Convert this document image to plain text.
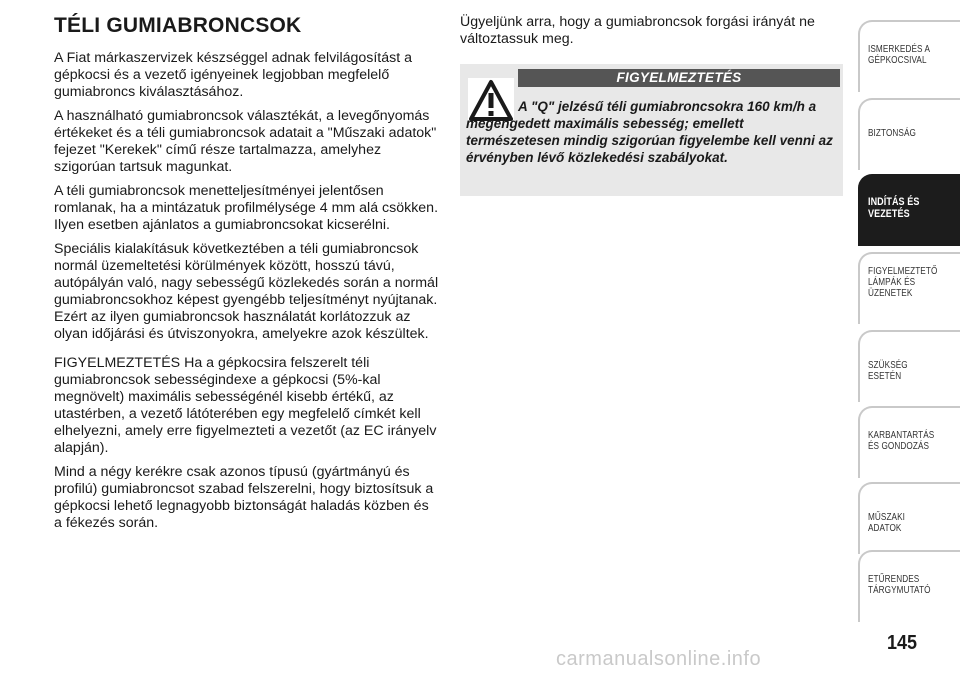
TÉLI GUMIABRONCSOK

A Fiat márkaszervizek készséggel adnak felvilágosítást a gépkocsi és a vezető igényeinek legjobban megfelelő gumiabroncs kiválasztásához.

A használható gumiabroncsok választékát, a levegőnyomás értékeket és a téli gumiabroncsok adatait a "Műszaki adatok" fejezet "Kerekek" című része tartalmazza, amelyhez szigorúan tartsuk magunkat.

A téli gumiabroncsok menetteljesítményei jelentősen romlanak, ha a mintázatuk profilmélysége 4 mm alá csökken. Ilyen esetben ajánlatos a gumiabroncsokat kicserélni.

Speciális kialakításuk következtében a téli gumiabroncsok normál üzemeltetési körülmények között, hosszú távú, autópályán való, nagy sebességű közlekedés során a normál gumiabroncsokhoz képest gyengébb teljesítményt nyújtanak. Ezért az ilyen gumiabroncsok használatát korlátozzuk az olyan időjárási és útviszonyokra, amelyekre azok készültek.

FIGYELMEZTETÉS Ha a gépkocsira felszerelt téli gumiabroncsok sebességindexe a gépkocsi (5%-kal megnövelt) maximális sebességénél kisebb értékű, az utastérben, a vezető látóterében egy megfelelő címkét kell elhelyezni, amely erre figyelmezteti a vezetőt (az EC irányelv alapján).

Mind a négy kerékre csak azonos típusú (gyártmányú és profilú) gumiabroncsot szabad felszerelni, hogy biztosítsuk a gépkocsi lehető legnagyobb biztonságát haladás közben és a fékezés során.

Ügyeljünk arra, hogy a gumiabroncsok forgási irányát ne változtassuk meg.

FIGYELMEZTETÉS

A "Q" jelzésű téli gumiabroncsokra 160 km/h a megengedett maximális sebesség; emellett természetesen mindig szigorúan figyelembe kell venni az érvényben lévő közlekedési szabályokat.

ISMERKEDÉS A GÉPKOCSIVAL
BIZTONSÁG
INDÍTÁS ÉS VEZETÉS
FIGYELMEZTETŐ LÁMPÁK ÉS ÜZENETEK
SZÜKSÉG ESETÉN
KARBANTARTÁS ÉS GONDOZÁS
MŰSZAKI ADATOK
ETŰRENDES TÁRGYMUTATÓ
145
carmanualsonline.info
